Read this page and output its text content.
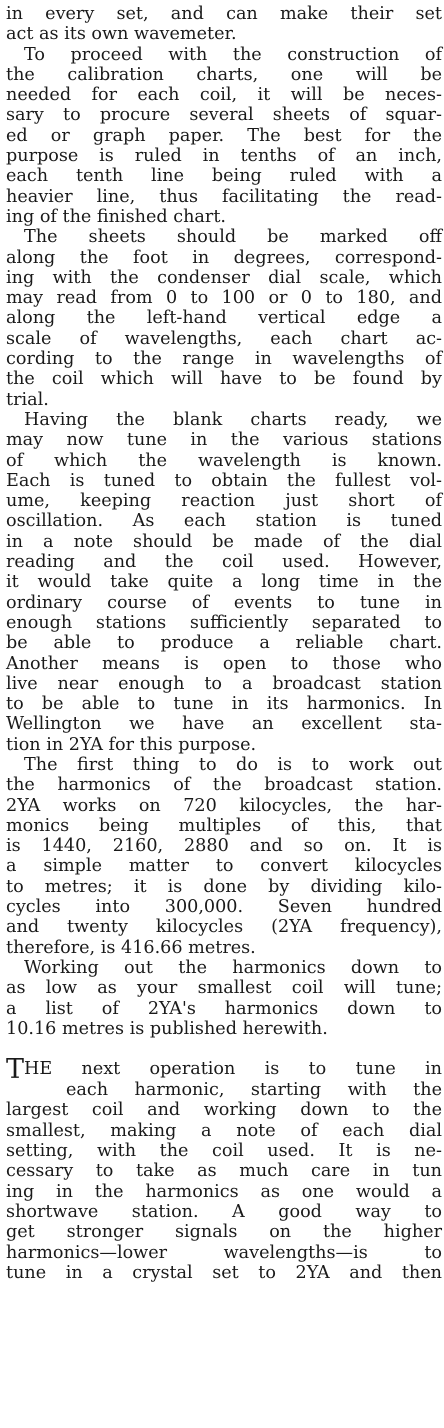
in every set, and can make their set
act as its own wavemeter.

To proceed with the construction of
the calibration charts, one will be
needed for each coil, it will be neces-
sary to procure several sheets of squar-
ed or graph paper. The best for the
purpose is ruled in tenths of an inch,
each tenth line being ruled with a
heavier line, thus facilitating the read-
ing of the finished chart.

The sheets should be marked off
along the foot in degrees, correspond-
ing with the condenser dial scale, which
may read from 0 to 100 or 0 to 180, and
along the left-hand vertical edge a
scale of wavelengths, each chart ac-
cording to the range in wavelengths of
the coil which will have to be found by
trial.

Having the blank charts ready, we
may now tune in the various stations
of which the wavelength is known.
Each is tuned to obtain the fullest vol-
ume, keeping reaction just short of
oscillation. As each station is tuned
in a note should be made of the dial
reading and the coil used. However,
it would take quite a long time in the
ordinary course of events to tune in
enough stations sufficiently separated to
be able to produce a reliable chart.
Another means is open to those who
live near enough to a broadcast station
to be able to tune in its harmonics. In
Wellington we have an excellent sta-
tion in 2YA for this purpose.

The first thing to do is to work out
the harmonics of the broadcast station.
2YA works on 720 kilocycles, the har-
monics being multiples of this, that
is 1440, 2160, 2880 and so on. It is
a simple matter to convert kilocycles
to metres; it is done by dividing kilo-
cycles into 300,000. Seven hundred
and twenty kilocycles (2YA frequency),
therefore, is 416.66 metres.

Working out the harmonics down to
as low as your smallest coil will tune;
a list of 2YA's harmonics down to
10.16 metres is published herewith.

THE next operation is to tune in
each harmonic, starting with the
largest coil and working down to the
smallest, making a note of each dial
setting, with the coil used. It is ne-
cessary to take as much care in tun
ing in the harmonics as one would a
shortwave station. A good way to
get stronger signals on the higher
harmonics—lower wavelengths—is to
tune in a crystal set to 2YA and then
